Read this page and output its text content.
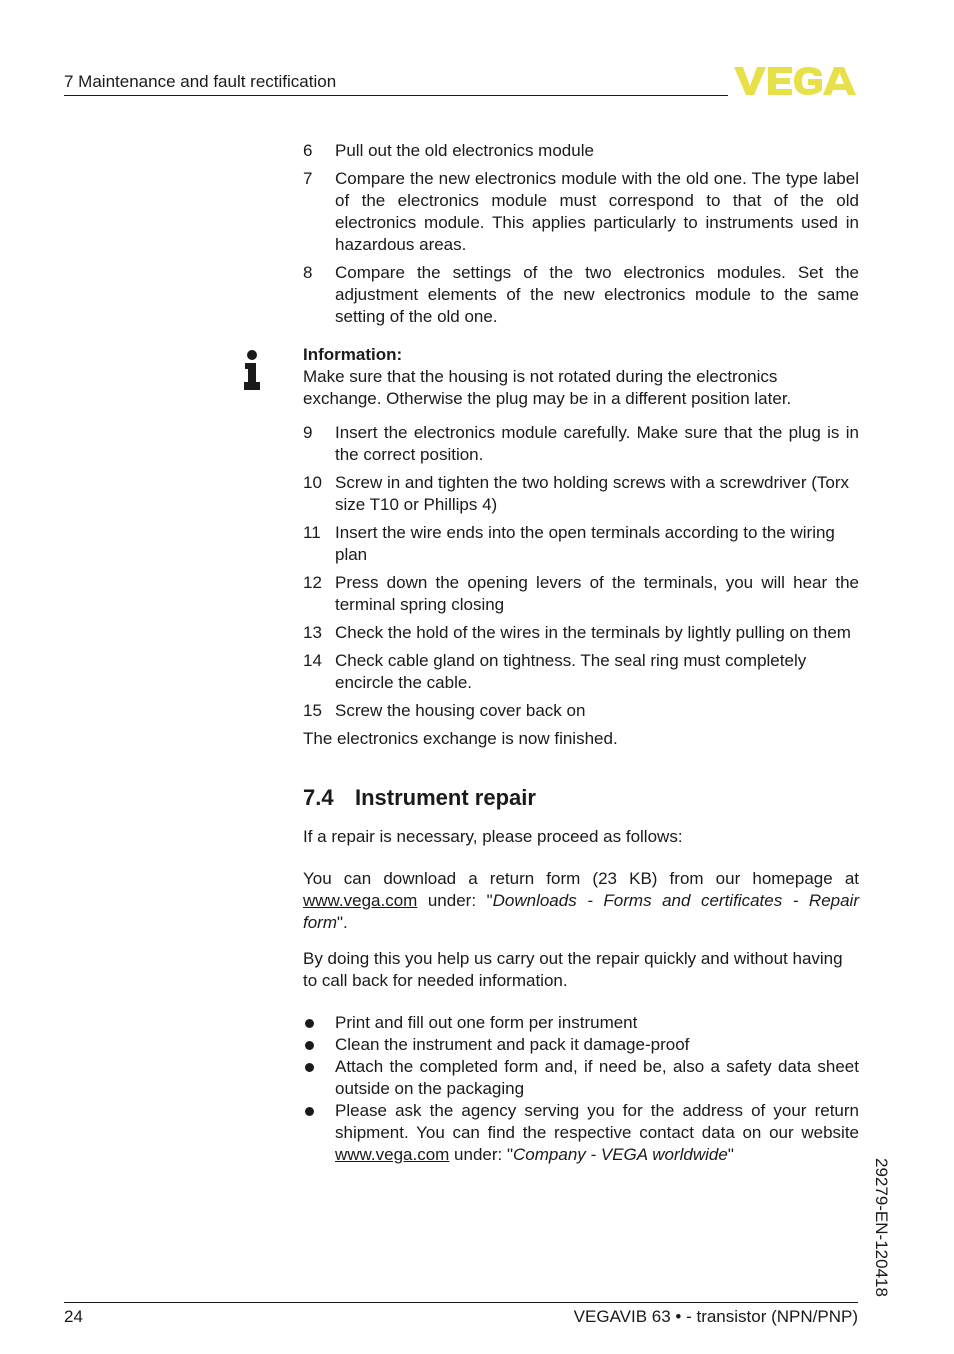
7 Maintenance and fault rectification
6	Pull out the old electronics module
7	Compare the new electronics module with the old one. The type label of the electronics module must correspond to that of the old electronics module. This applies particularly to instruments used in hazardous areas.
8	Compare the settings of the two electronics modules. Set the adjustment elements of the new electronics module to the same setting of the old one.
Information:
Make sure that the housing is not rotated during the electronics exchange. Otherwise the plug may be in a different position later.
9	Insert the electronics module carefully. Make sure that the plug is in the correct position.
10 Screw in and tighten the two holding screws with a screwdriver (Torx size T10 or Phillips 4)
11 Insert the wire ends into the open terminals according to the wiring plan
12 Press down the opening levers of the terminals, you will hear the terminal spring closing
13 Check the hold of the wires in the terminals by lightly pulling on them
14 Check cable gland on tightness. The seal ring must completely encircle the cable.
15 Screw the housing cover back on
The electronics exchange is now finished.
7.4 Instrument repair
If a repair is necessary, please proceed as follows:
You can download a return form (23 KB) from our homepage at www.vega.com under: "Downloads - Forms and certificates - Repair form".
By doing this you help us carry out the repair quickly and without having to call back for needed information.
Print and fill out one form per instrument
Clean the instrument and pack it damage-proof
Attach the completed form and, if need be, also a safety data sheet outside on the packaging
Please ask the agency serving you for the address of your return shipment. You can find the respective contact data on our website www.vega.com under: "Company - VEGA worldwide"
29279-EN-120418
24	VEGAVIB 63 • - transistor (NPN/PNP)
